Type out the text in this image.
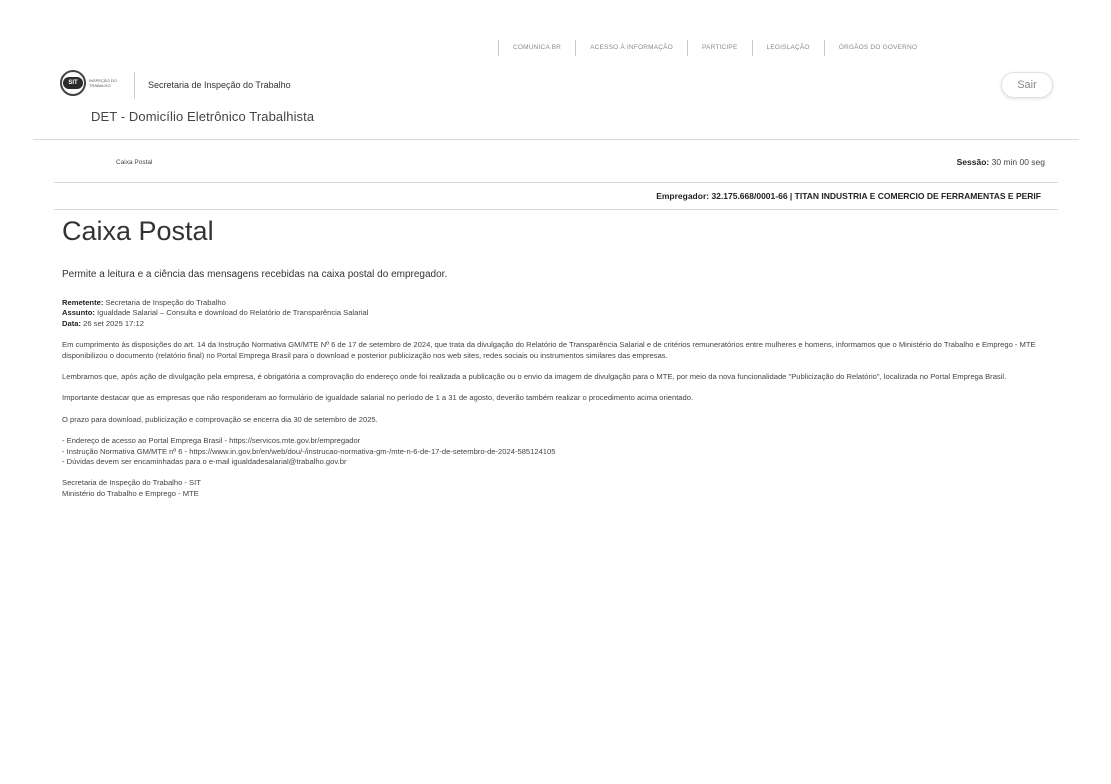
COMUNICA BR	ACESSO À INFORMAÇÃO	PARTICIPE	LEGISLAÇÃO	ÓRGÃOS DO GOVERNO
SIT	INSPEÇÃO DO TRABALHO	Secretaria de Inspeção do Trabalho
DET - Domicílio Eletrônico Trabalhista
Sair
Caixa Postal	Sessão: 30 min 00 seg
Empregador: 32.175.668/0001-66 | TITAN INDUSTRIA E COMERCIO DE FERRAMENTAS E PERIF
Caixa Postal
Permite a leitura e a ciência das mensagens recebidas na caixa postal do empregador.

Remetente: Secretaria de Inspeção do Trabalho

Assunto: Igualdade Salarial – Consulta e download do Relatório de Transparência Salarial

Data: 26 set 2025 17:12

Em cumprimento às disposições do art. 14 da Instrução Normativa GM/MTE Nº 6 de 17 de setembro de 2024, que trata da divulgação do Relatório de Transparência Salarial e de critérios remuneratórios entre mulheres e homens, informamos que o Ministério do Trabalho e Emprego - MTE disponibilizou o documento (relatório final) no Portal Emprega Brasil para o download e posterior publicização nos web sites, redes sociais ou instrumentos similares das empresas.

Lembramos que, após ação de divulgação pela empresa, é obrigatória a comprovação do endereço onde foi realizada a publicação ou o envio da imagem de divulgação para o MTE, por meio da nova funcionalidade "Publicização do Relatório", localizada no Portal Emprega Brasil.

Importante destacar que as empresas que não responderam ao formulário de igualdade salarial no período de 1 a 31 de agosto, deverão também realizar o procedimento acima orientado.

O prazo para download, publicização e comprovação se encerra dia 30 de setembro de 2025.

- Endereço de acesso ao Portal Emprega Brasil - https://servicos.mte.gov.br/empregador
- Instrução Normativa GM/MTE nº 6 - https://www.in.gov.br/en/web/dou/-/instrucao-normativa-gm-/mte-n-6-de-17-de-setembro-de-2024-585124105
- Dúvidas devem ser encaminhadas para o e-mail igualdadesalarial@trabalho.gov.br
Secretaria de Inspeção do Trabalho - SIT
Ministério do Trabalho e Emprego - MTE
